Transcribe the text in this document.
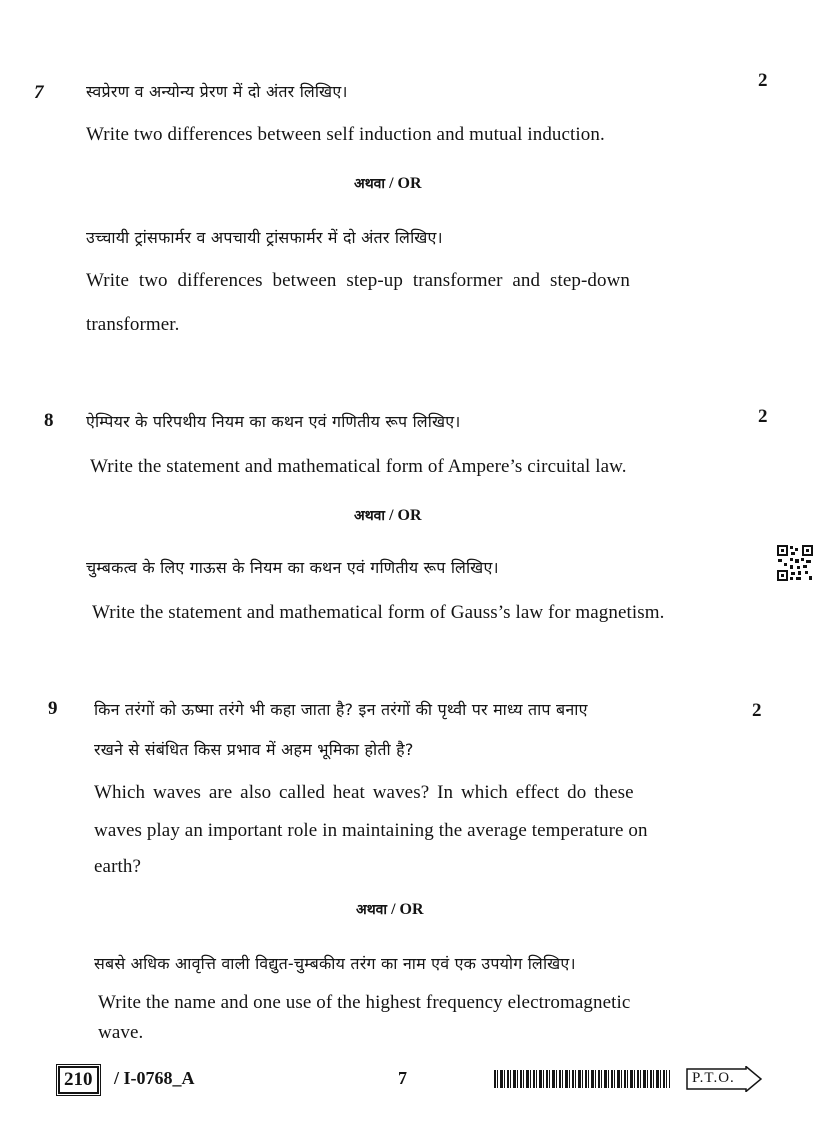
7
2
स्वप्रेरण व अन्योन्य प्रेरण में दो अंतर लिखिए।
Write two differences between self induction and mutual induction.
अथवा / OR
उच्चायी ट्रांसफार्मर व अपचायी ट्रांसफार्मर में दो अंतर लिखिए।
Write two differences between step-up transformer and step-down
transformer.
8	2
ऐम्पियर के परिपथीय नियम का कथन एवं गणितीय रूप लिखिए।
Write the statement and mathematical form of Ampere’s circuital law.
अथवा / OR
चुम्बकत्व के लिए गाऊस के नियम का कथन एवं गणितीय रूप लिखिए।
Write the statement and mathematical form of Gauss’s law for magnetism.
9	2
किन तरंगों को ऊष्मा तरंगे भी कहा जाता है? इन तरंगों की पृथ्वी पर माध्य ताप बनाए
रखने से संबंधित किस प्रभाव में अहम भूमिका होती है?
Which waves are also called heat waves? In which effect do these
waves play an important role in maintaining the average temperature on
earth?
अथवा / OR
सबसे अधिक आवृत्ति वाली विद्युत-चुम्बकीय तरंग का नाम एवं एक उपयोग लिखिए।
Write the name and one use of the highest frequency electromagnetic
wave.
210	/ I-0768_A	7	P.T.O.
